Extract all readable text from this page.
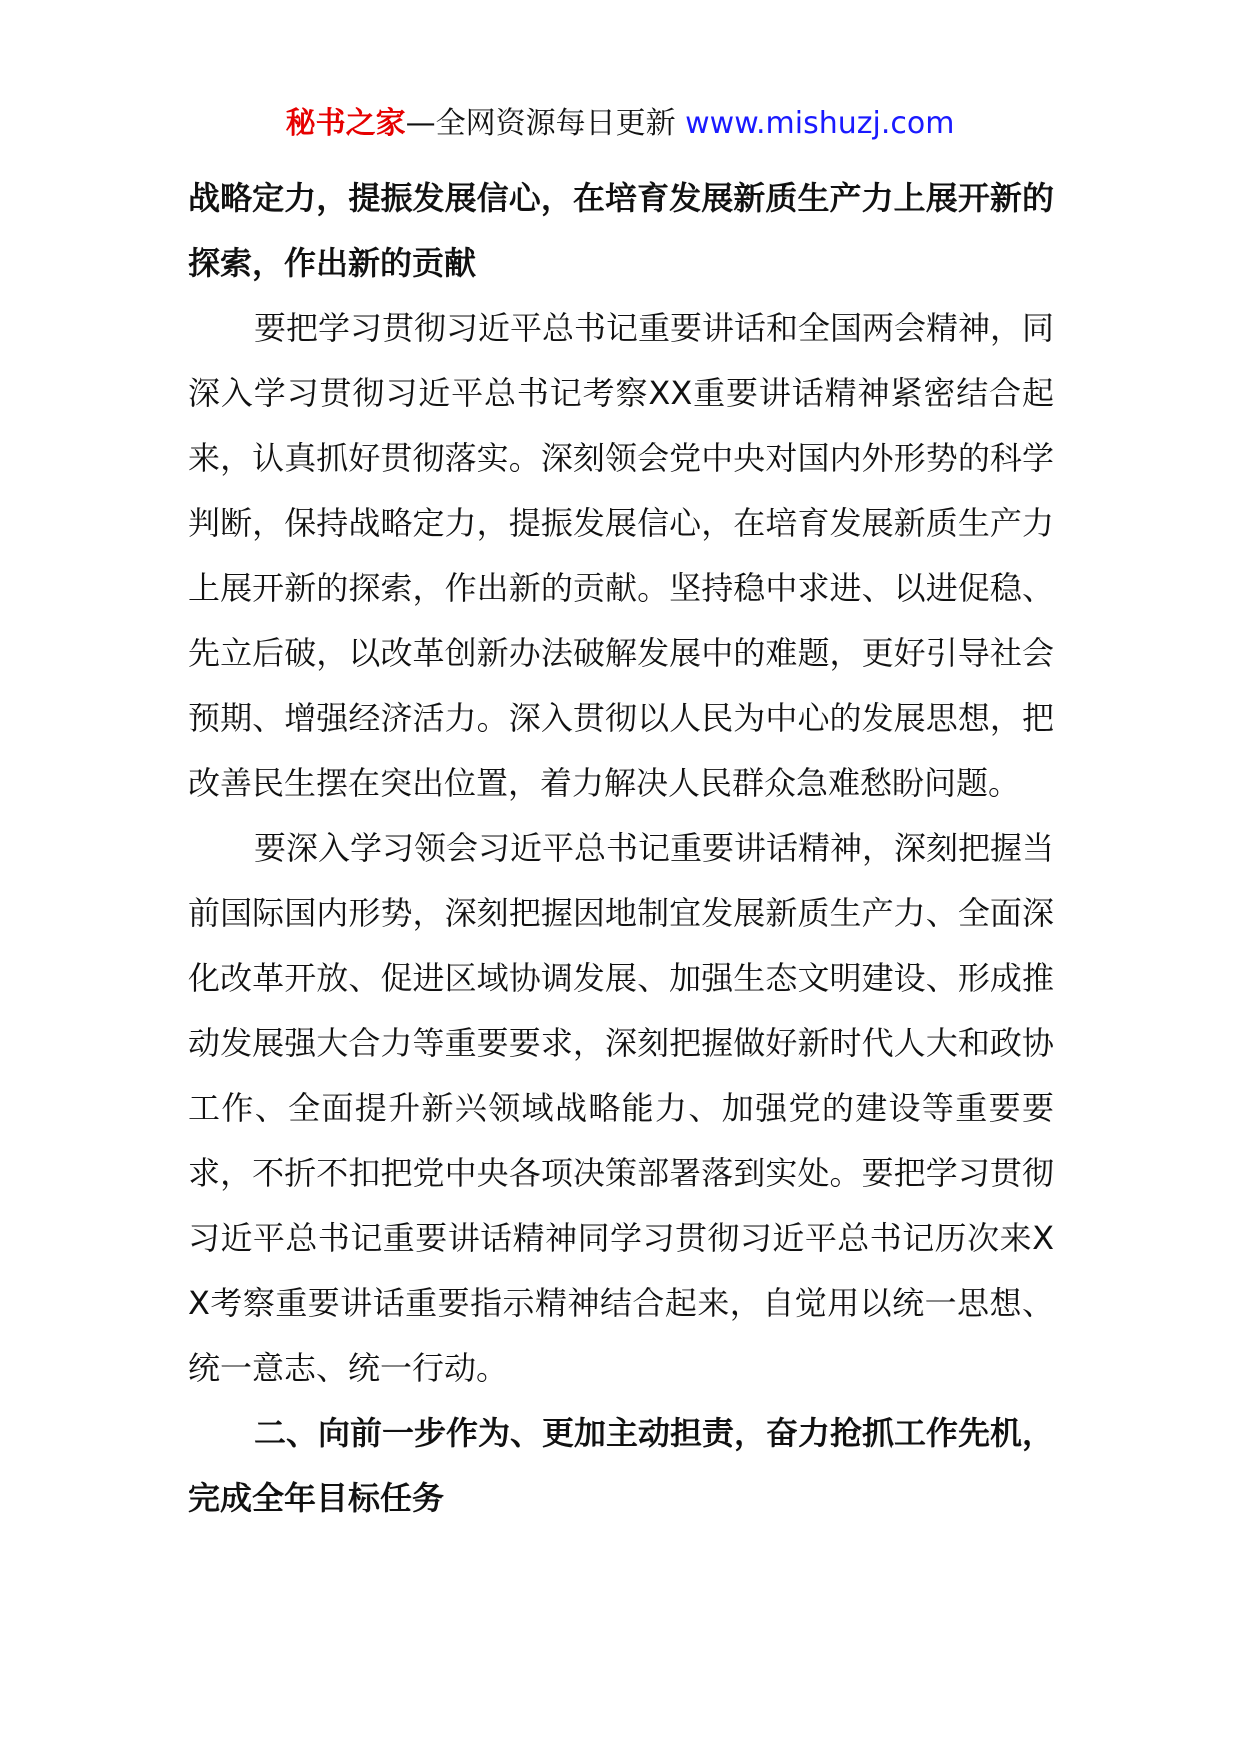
秘书之家—全网资源每日更新 www.mishuzj.com

战略定力，提振发展信心，在培育发展新质生产力上展开新的探索，作出新的贡献

要把学习贯彻习近平总书记重要讲话和全国两会精神，同深入学习贯彻习近平总书记考察XX重要讲话精神紧密结合起来，认真抓好贯彻落实。深刻领会党中央对国内外形势的科学判断，保持战略定力，提振发展信心，在培育发展新质生产力上展开新的探索，作出新的贡献。坚持稳中求进、以进促稳、先立后破，以改革创新办法破解发展中的难题，更好引导社会预期、增强经济活力。深入贯彻以人民为中心的发展思想，把改善民生摆在突出位置，着力解决人民群众急难愁盼问题。

要深入学习领会习近平总书记重要讲话精神，深刻把握当前国际国内形势，深刻把握因地制宜发展新质生产力、全面深化改革开放、促进区域协调发展、加强生态文明建设、形成推动发展强大合力等重要要求，深刻把握做好新时代人大和政协工作、全面提升新兴领域战略能力、加强党的建设等重要要求，不折不扣把党中央各项决策部署落到实处。要把学习贯彻习近平总书记重要讲话精神同学习贯彻习近平总书记历次来XX考察重要讲话重要指示精神结合起来，自觉用以统一思想、统一意志、统一行动。

二、向前一步作为、更加主动担责，奋力抢抓工作先机，完成全年目标任务
